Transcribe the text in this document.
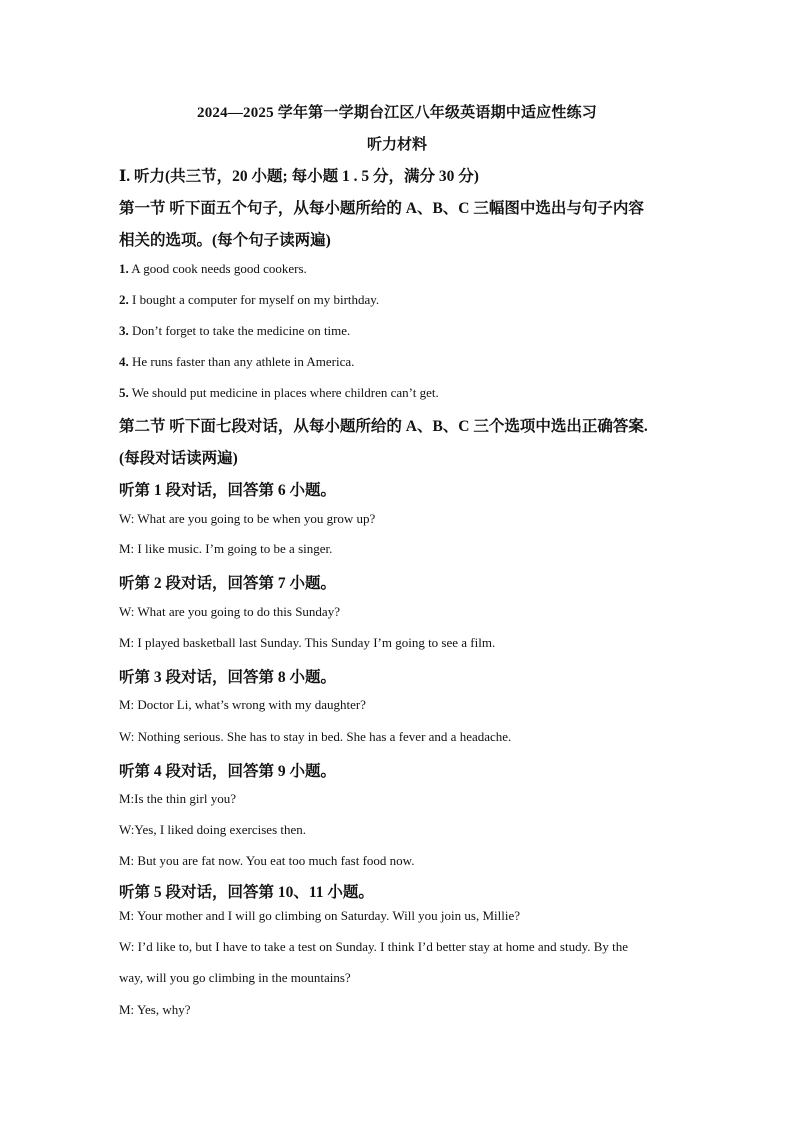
2024—2025 学年第一学期台江区八年级英语期中适应性练习
听力材料
Ⅰ. 听力(共三节，20 小题; 每小题 1 . 5 分，满分 30 分)
第一节 听下面五个句子，从每小题所给的 A、B、C 三幅图中选出与句子内容
相关的选项。(每个句子读两遍)
1. A good cook needs good cookers.
2. I bought a computer for myself on my birthday.
3. Don’t forget to take the medicine on time.
4. He runs faster than any athlete in America.
5. We should put medicine in places where children can’t get.
第二节 听下面七段对话，从每小题所给的 A、B、C 三个选项中选出正确答案.
(每段对话读两遍)
听第 1 段对话，回答第 6 小题。
W: What are you going to be when you grow up?
M: I like music. I’m going to be a singer.
听第 2 段对话，回答第 7 小题。
W: What are you going to do this Sunday?
M: I played basketball last Sunday. This Sunday I’m going to see a film.
听第 3 段对话，回答第 8 小题。
M: Doctor Li, what’s wrong with my daughter?
W: Nothing serious. She has to stay in bed. She has a fever and a headache.
听第 4 段对话，回答第 9 小题。
M:Is the thin girl you?
W:Yes, I liked doing exercises then.
M: But you are fat now. You eat too much fast food now.
听第 5 段对话，回答第 10、11 小题。
M: Your mother and I will go climbing on Saturday. Will you join us, Millie?
W: I’d like to, but I have to take a test on Sunday. I think I’d better stay at home and study. By the
way, will you go climbing in the mountains?
M: Yes, why?
